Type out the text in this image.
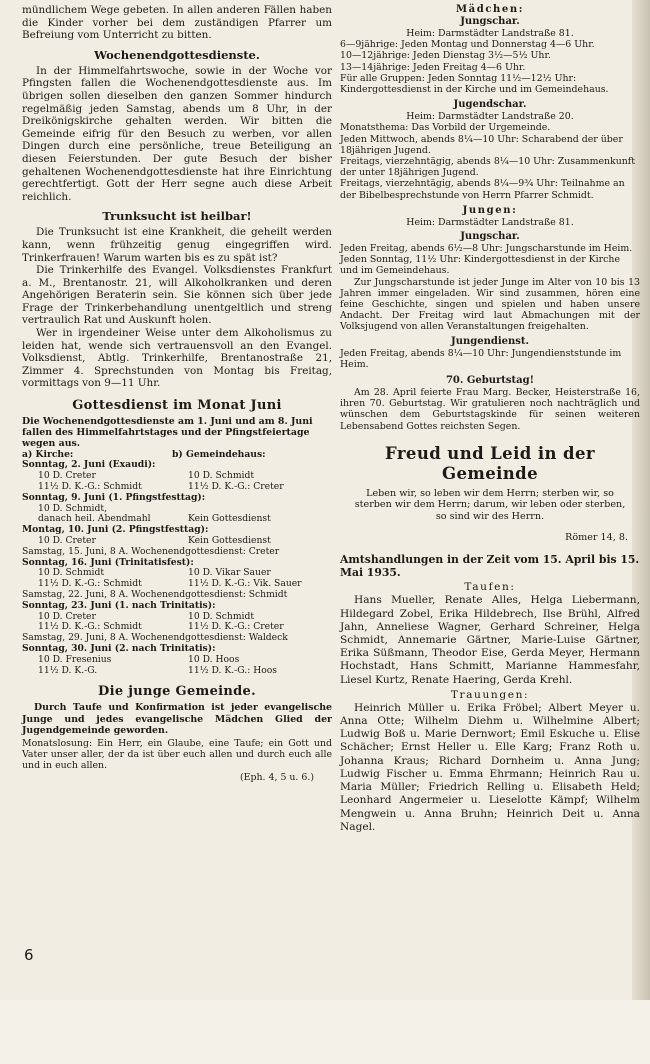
mündlichem Wege gebeten. In allen anderen Fällen haben die Kinder vorher bei dem zuständigen Pfarrer um Befreiung vom Unterricht zu bitten.

Wochenendgottesdienste.

In der Himmelfahrtswoche, sowie in der Woche vor Pfingsten fallen die Wochenendgottesdienste aus. Im übrigen sollen dieselben den ganzen Sommer hindurch regelmäßig jeden Samstag, abends um 8 Uhr, in der Dreikönigskirche gehalten werden. Wir bitten die Gemeinde eifrig für den Besuch zu werben, vor allen Dingen durch eine persönliche, treue Beteiligung an diesen Feierstunden. Der gute Besuch der bisher gehaltenen Wochenendgottesdienste hat ihre Einrichtung gerechtfertigt. Gott der Herr segne auch diese Arbeit reichlich.

Trunksucht ist heilbar!

Die Trunksucht ist eine Krankheit, die geheilt werden kann, wenn frühzeitig genug eingegriffen wird. Trinkerfrauen! Warum warten bis es zu spät ist?

Die Trinkerhilfe des Evangel. Volksdienstes Frankfurt a. M., Brentanostr. 21, will Alkoholkranken und deren Angehörigen Beraterin sein. Sie können sich über jede Frage der Trinkerbehandlung unentgeltlich und streng vertraulich Rat und Auskunft holen.

Wer in irgendeiner Weise unter dem Alkoholismus zu leiden hat, wende sich vertrauensvoll an den Evangel. Volksdienst, Abtlg. Trinkerhilfe, Brentanostraße 21, Zimmer 4. Sprechstunden von Montag bis Freitag, vormittags von 9—11 Uhr.

Gottesdienst im Monat Juni

Die Wochenendgottesdienste am 1. Juni und am 8. Juni fallen des Himmelfahrtstages und der Pfingstfeiertage wegen aus.

a) Kirche:	b) Gemeindehaus:
Sonntag, 2. Juni (Exaudi):
10 D. Creter	10 D. Schmidt
11½ D. K.-G.: Schmidt	11½ D. K.-G.: Creter
Sonntag, 9. Juni (1. Pfingstfesttag):
10 D. Schmidt,
danach heil. Abendmahl	Kein Gottesdienst
Montag, 10. Juni (2. Pfingstfesttag):
10 D. Creter	Kein Gottesdienst
Samstag, 15. Juni, 8 A. Wochenendgottesdienst: Creter
Sonntag, 16. Juni (Trinitatisfest):
10 D. Schmidt	10 D. Vikar Sauer
11½ D. K.-G.: Schmidt	11½ D. K.-G.: Vik. Sauer
Samstag, 22. Juni, 8 A. Wochenendgottesdienst: Schmidt
Sonntag, 23. Juni (1. nach Trinitatis):
10 D. Creter	10 D. Schmidt
11½ D. K.-G.: Schmidt	11½ D. K.-G.: Creter
Samstag, 29. Juni, 8 A. Wochenendgottesdienst: Waldeck
Sonntag, 30. Juni (2. nach Trinitatis):
10 D. Fresenius	10 D. Hoos
11½ D. K.-G.	11½ D. K.-G.: Hoos
Die junge Gemeinde.

Durch Taufe und Konfirmation ist jeder evangelische Junge und jedes evangelische Mädchen Glied der Jugendgemeinde geworden.

Monatslosung: Ein Herr, ein Glaube, eine Taufe; ein Gott und Vater unser aller, der da ist über euch allen und durch euch alle und in euch allen.

(Eph. 4, 5 u. 6.)

Mädchen:
Jungschar.
Heim: Darmstädter Landstraße 81.

6—9jährige: Jeden Montag und Donnerstag 4—6 Uhr.

10—12jährige: Jeden Dienstag 3½—5½ Uhr.

13—14jährige: Jeden Freitag 4—6 Uhr.

Für alle Gruppen: Jeden Sonntag 11½—12½ Uhr: Kindergottesdienst in der Kirche und im Gemeindehaus.

Jugendschar.
Heim: Darmstädter Landstraße 20.

Monatsthema: Das Vorbild der Urgemeinde.

Jeden Mittwoch, abends 8¼—10 Uhr: Scharabend der über 18jährigen Jugend.

Freitags, vierzehntägig, abends 8¼—10 Uhr: Zusammenkunft der unter 18jährigen Jugend.

Freitags, vierzehntägig, abends 8¼—9¾ Uhr: Teilnahme an der Bibelbesprechstunde von Herrn Pfarrer Schmidt.

Jungen:
Heim: Darmstädter Landstraße 81.
Jungschar.

Jeden Freitag, abends 6½—8 Uhr: Jungscharstunde im Heim.

Jeden Sonntag, 11½ Uhr: Kindergottesdienst in der Kirche und im Gemeindehaus.

Zur Jungscharstunde ist jeder Junge im Alter von 10 bis 13 Jahren immer eingeladen. Wir sind zusammen, hören eine feine Geschichte, singen und spielen und haben unsere Andacht. Der Freitag wird laut Abmachungen mit der Volksjugend von allen Veranstaltungen freigehalten.

Jungendienst.

Jeden Freitag, abends 8¼—10 Uhr: Jungendienststunde im Heim.

70. Geburtstag!

Am 28. April feierte Frau Marg. Becker, Heisterstraße 16, ihren 70. Geburtstag. Wir gratulieren noch nachträglich und wünschen dem Geburtstagskinde für seinen weiteren Lebensabend Gottes reichsten Segen.

Freud und Leid in der Gemeinde

Leben wir, so leben wir dem Herrn; sterben wir, so sterben wir dem Herrn; darum, wir leben oder sterben, so sind wir des Herrn.

Römer 14, 8.

Amtshandlungen in der Zeit vom 15. April bis 15. Mai 1935.

Taufen:

Hans Mueller, Renate Alles, Helga Liebermann, Hildegard Zobel, Erika Hildebrech, Ilse Brühl, Alfred Jahn, Anneliese Wagner, Gerhard Schreiner, Helga Schmidt, Annemarie Gärtner, Marie-Luise Gärtner, Erika Süßmann, Theodor Eise, Gerda Meyer, Hermann Hochstadt, Hans Schmitt, Marianne Hammesfahr, Liesel Kurtz, Renate Haering, Gerda Krehl.

Trauungen:

Heinrich Müller u. Erika Fröbel; Albert Meyer u. Anna Otte; Wilhelm Diehm u. Wilhelmine Albert; Ludwig Boß u. Marie Dernwort; Emil Eskuche u. Elise Schächer; Ernst Heller u. Elle Karg; Franz Roth u. Johanna Kraus; Richard Dornheim u. Anna Jung; Ludwig Fischer u. Emma Ehrmann; Heinrich Rau u. Maria Müller; Friedrich Relling u. Elisabeth Held; Leonhard Angermeier u. Lieselotte Kämpf; Wilhelm Mengwein u. Anna Bruhn; Heinrich Deit u. Anna Nagel.

6
